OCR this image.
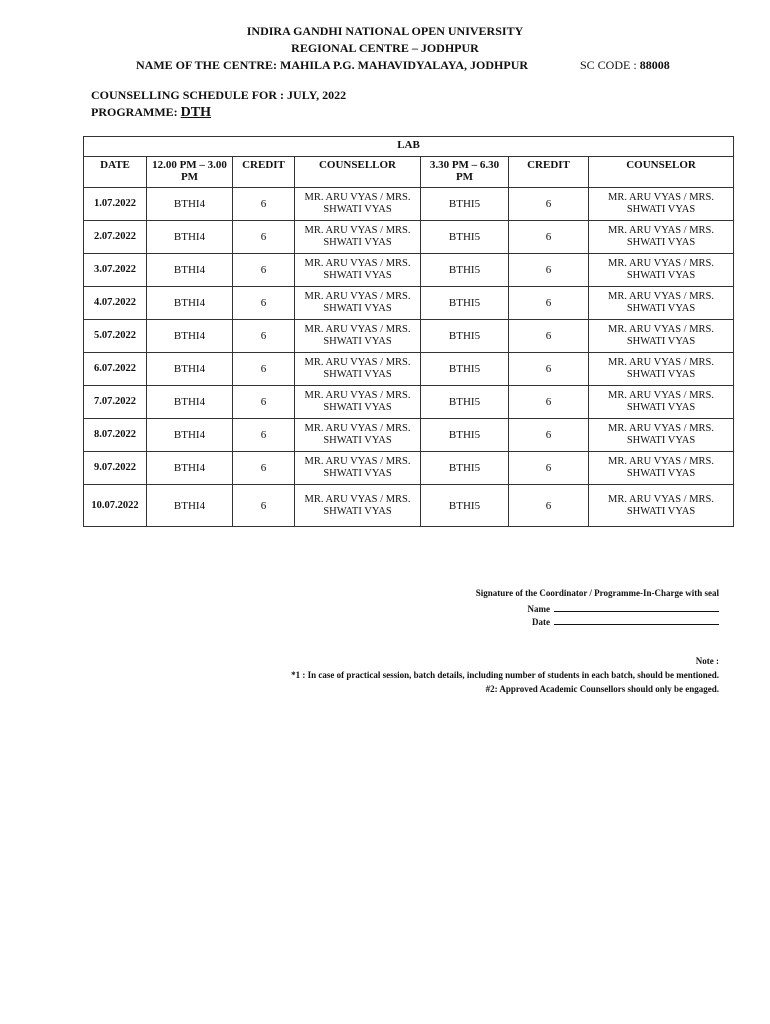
INDIRA GANDHI NATIONAL OPEN UNIVERSITY
REGIONAL CENTRE – JODHPUR
NAME OF THE CENTRE: MAHILA P.G. MAHAVIDYALAYA, JODHPUR	SC CODE : 88008
COUNSELLING SCHEDULE FOR : JULY, 2022
PROGRAMME: DTH
LAB						
DATE	12.00 PM – 3.00 PM	CREDIT	COUNSELLOR	3.30 PM – 6.30 PM	CREDIT	COUNSELOR
1.07.2022	BTHI4	6	MR. ARU VYAS / MRS. SHWATI VYAS	BTHI5	6	MR. ARU VYAS / MRS. SHWATI VYAS
2.07.2022	BTHI4	6	MR. ARU VYAS / MRS. SHWATI VYAS	BTHI5	6	MR. ARU VYAS / MRS. SHWATI VYAS
3.07.2022	BTHI4	6	MR. ARU VYAS / MRS. SHWATI VYAS	BTHI5	6	MR. ARU VYAS / MRS. SHWATI VYAS
4.07.2022	BTHI4	6	MR. ARU VYAS / MRS. SHWATI VYAS	BTHI5	6	MR. ARU VYAS / MRS. SHWATI VYAS
5.07.2022	BTHI4	6	MR. ARU VYAS / MRS. SHWATI VYAS	BTHI5	6	MR. ARU VYAS / MRS. SHWATI VYAS
6.07.2022	BTHI4	6	MR. ARU VYAS / MRS. SHWATI VYAS	BTHI5	6	MR. ARU VYAS / MRS. SHWATI VYAS
7.07.2022	BTHI4	6	MR. ARU VYAS / MRS. SHWATI VYAS	BTHI5	6	MR. ARU VYAS / MRS. SHWATI VYAS
8.07.2022	BTHI4	6	MR. ARU VYAS / MRS. SHWATI VYAS	BTHI5	6	MR. ARU VYAS / MRS. SHWATI VYAS
9.07.2022	BTHI4	6	MR. ARU VYAS / MRS. SHWATI VYAS	BTHI5	6	MR. ARU VYAS / MRS. SHWATI VYAS
10.07.2022	BTHI4	6	MR. ARU VYAS / MRS. SHWATI VYAS	BTHI5	6	MR. ARU VYAS / MRS. SHWATI VYAS
Signature of the Coordinator / Programme-In-Charge with seal
Name
Date
Note :
*1 : In case of practical session, batch details, including number of students in each batch, should be mentioned.
#2: Approved Academic Counsellors should only be engaged.
